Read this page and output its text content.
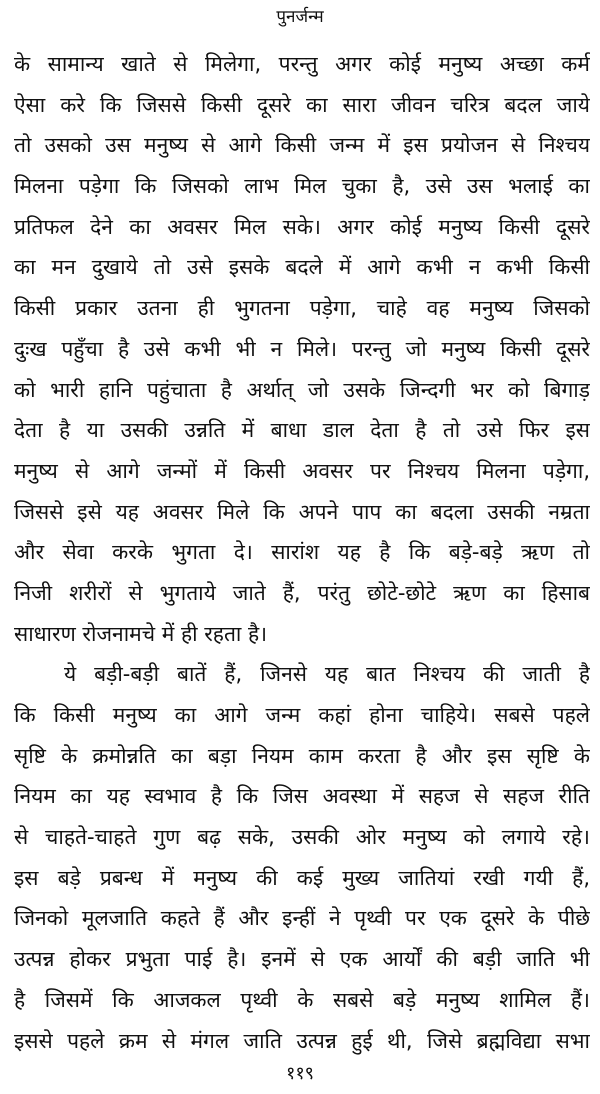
पुनर्जन्म
के सामान्य खाते से मिलेगा, परन्तु अगर कोई मनुष्य अच्छा कर्म
ऐसा करे कि जिससे किसी दूसरे का सारा जीवन चरित्र बदल जाये
तो उसको उस मनुष्य से आगे किसी जन्म में इस प्रयोजन से निश्चय
मिलना पड़ेगा कि जिसको लाभ मिल चुका है, उसे उस भलाई का
प्रतिफल देने का अवसर मिल सके। अगर कोई मनुष्य किसी दूसरे
का मन दुखाये तो उसे इसके बदले में आगे कभी न कभी किसी
किसी प्रकार उतना ही भुगतना पड़ेगा, चाहे वह मनुष्य जिसको
दुःख पहुँचा है उसे कभी भी न मिले। परन्तु जो मनुष्य किसी दूसरे
को भारी हानि पहुंचाता है अर्थात् जो उसके जिन्दगी भर को बिगाड़
देता है या उसकी उन्नति में बाधा डाल देता है तो उसे फिर इस
मनुष्य से आगे जन्मों में किसी अवसर पर निश्चय मिलना पड़ेगा,
जिससे इसे यह अवसर मिले कि अपने पाप का बदला उसकी नम्रता
और सेवा करके भुगता दे। सारांश यह है कि बड़े-बड़े ऋण तो
निजी शरीरों से भुगताये जाते हैं, परंतु छोटे-छोटे ऋण का हिसाब
साधारण रोजनामचे में ही रहता है।
ये बड़ी-बड़ी बातें हैं, जिनसे यह बात निश्चय की जाती है
कि किसी मनुष्य का आगे जन्म कहां होना चाहिये। सबसे पहले
सृष्टि के क्रमोन्नति का बड़ा नियम काम करता है और इस सृष्टि के
नियम का यह स्वभाव है कि जिस अवस्था में सहज से सहज रीति
से चाहते-चाहते गुण बढ़ सके, उसकी ओर मनुष्य को लगाये रहे।
इस बड़े प्रबन्ध में मनुष्य की कई मुख्य जातियां रखी गयी हैं,
जिनको मूलजाति कहते हैं और इन्हीं ने पृथ्वी पर एक दूसरे के पीछे
उत्पन्न होकर प्रभुता पाई है। इनमें से एक आर्यों की बड़ी जाति भी
है जिसमें कि आजकल पृथ्वी के सबसे बड़े मनुष्य शामिल हैं।
इससे पहले क्रम से मंगल जाति उत्पन्न हुई थी, जिसे ब्रह्मविद्या सभा
११९
